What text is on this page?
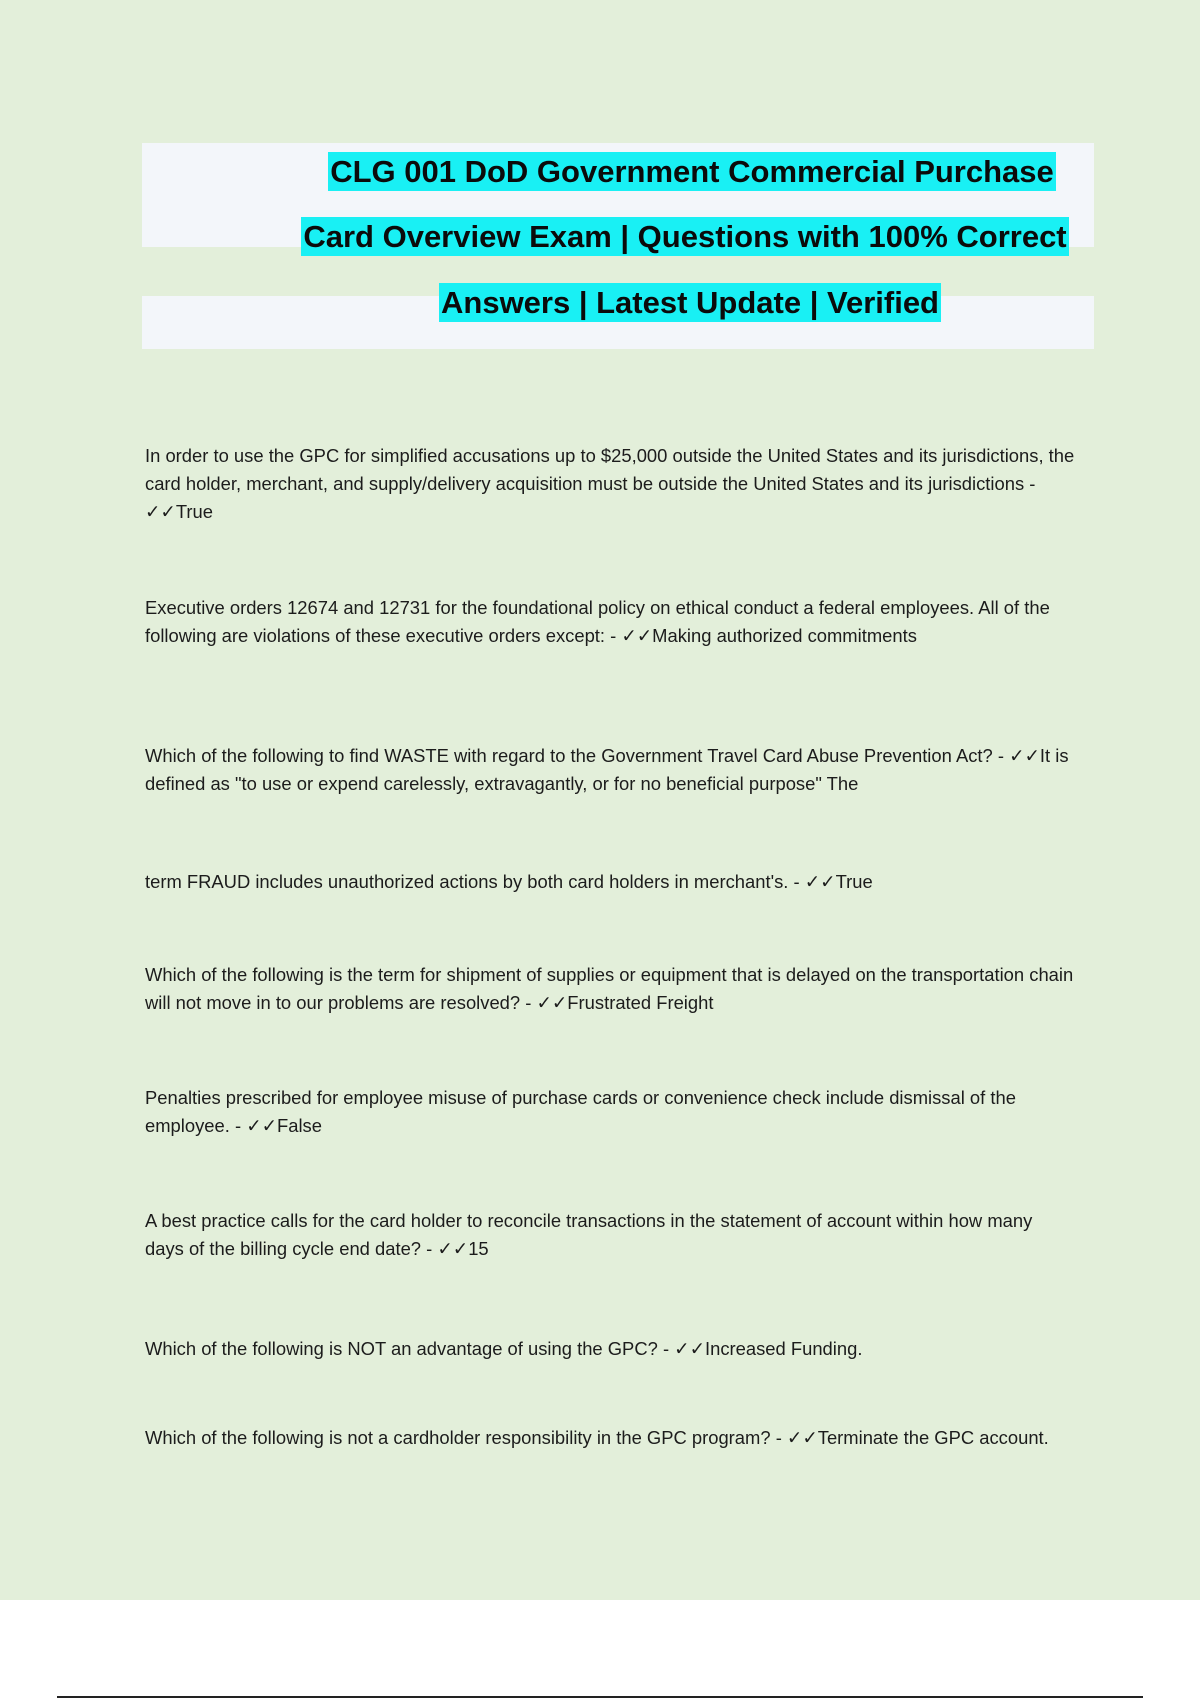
CLG 001 DoD Government Commercial Purchase
Card Overview Exam | Questions with 100% Correct
Answers | Latest Update | Verified
In order to use the GPC for simplified accusations up to $25,000 outside the United States and its jurisdictions, the card holder, merchant, and supply/delivery acquisition must be outside the United States and its jurisdictions - ✓✓True
Executive orders 12674 and 12731 for the foundational policy on ethical conduct a federal employees. All of the following are violations of these executive orders except: - ✓✓Making authorized commitments
Which of the following to find WASTE with regard to the Government Travel Card Abuse Prevention Act? - ✓✓It is defined as "to use or expend carelessly, extravagantly, or for no beneficial purpose" The
term FRAUD includes unauthorized actions by both card holders in merchant's. - ✓✓True
Which of the following is the term for shipment of supplies or equipment that is delayed on the transportation chain will not move in to our problems are resolved? - ✓✓Frustrated Freight
Penalties prescribed for employee misuse of purchase cards or convenience check include dismissal of the employee. - ✓✓False
A best practice calls for the card holder to reconcile transactions in the statement of account within how many days of the billing cycle end date? - ✓✓15
Which of the following is NOT an advantage of using the GPC? - ✓✓Increased Funding.
Which of the following is not a cardholder responsibility in the GPC program? - ✓✓Terminate the GPC account.
